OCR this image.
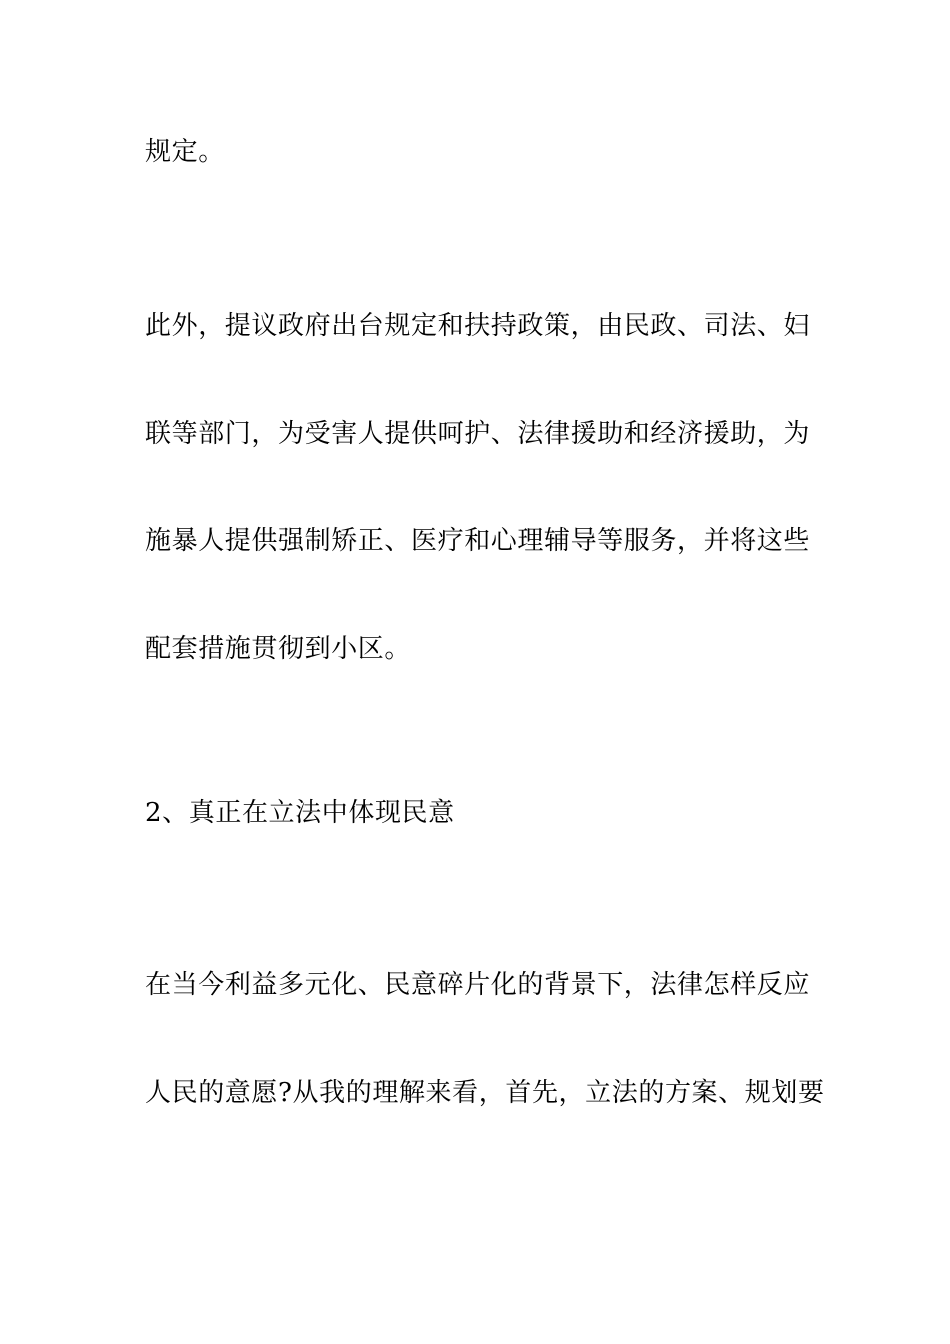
规定。
此外，提议政府出台规定和扶持政策，由民政、司法、妇
联等部门，为受害人提供呵护、法律援助和经济援助，为
施暴人提供强制矫正、医疗和心理辅导等服务，并将这些
配套措施贯彻到小区。
2、真正在立法中体现民意
在当今利益多元化、民意碎片化的背景下，法律怎样反应
人民的意愿?从我的理解来看，首先，立法的方案、规划要
